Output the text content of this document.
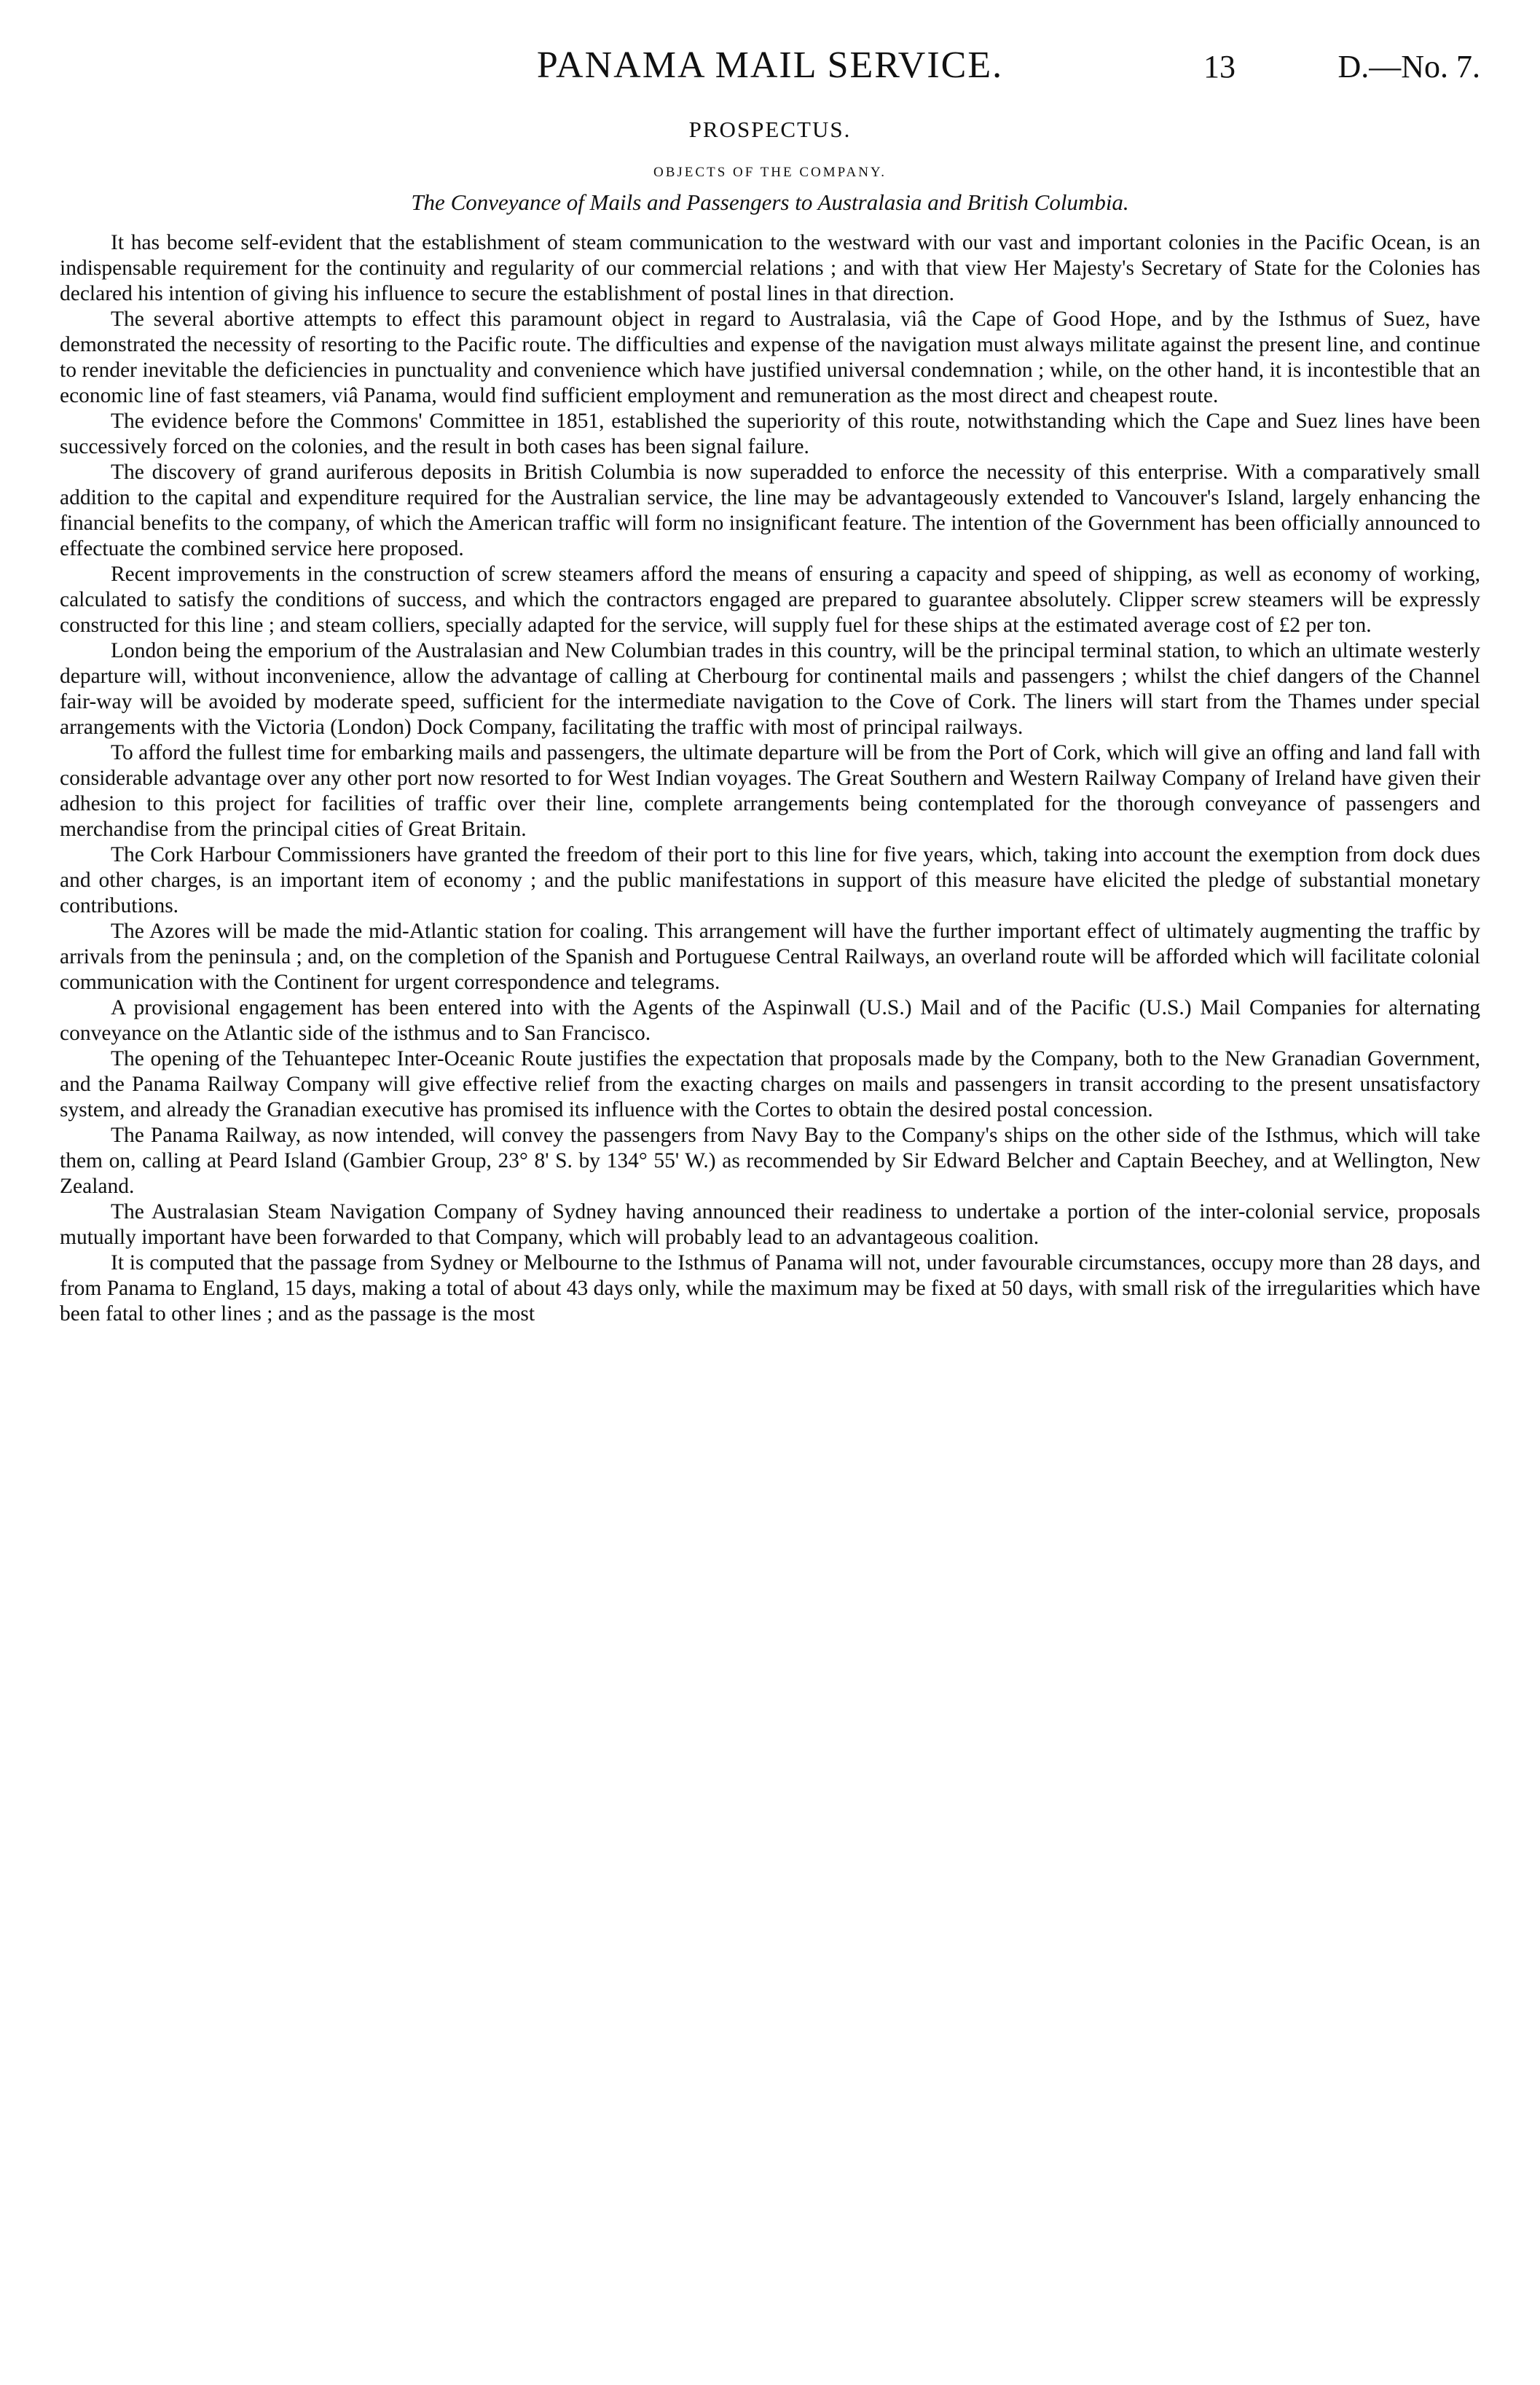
PANAMA MAIL SERVICE.	13	D.—No. 7.
PROSPECTUS.
OBJECTS OF THE COMPANY.
The Conveyance of Mails and Passengers to Australasia and British Columbia.

It has become self-evident that the establishment of steam communication to the westward with our vast and important colonies in the Pacific Ocean, is an indispensable requirement for the continuity and regularity of our commercial relations ; and with that view Her Majesty's Secretary of State for the Colonies has declared his intention of giving his influence to secure the establishment of postal lines in that direction.

The several abortive attempts to effect this paramount object in regard to Australasia, viâ the Cape of Good Hope, and by the Isthmus of Suez, have demonstrated the necessity of resorting to the Pacific route. The difficulties and expense of the navigation must always militate against the present line, and continue to render inevitable the deficiencies in punctuality and convenience which have justified universal condemnation ; while, on the other hand, it is incontestible that an economic line of fast steamers, viâ Panama, would find sufficient employment and remuneration as the most direct and cheapest route.

The evidence before the Commons' Committee in 1851, established the superiority of this route, notwithstanding which the Cape and Suez lines have been successively forced on the colonies, and the result in both cases has been signal failure.

The discovery of grand auriferous deposits in British Columbia is now superadded to enforce the necessity of this enterprise. With a comparatively small addition to the capital and expenditure required for the Australian service, the line may be advantageously extended to Vancouver's Island, largely enhancing the financial benefits to the company, of which the American traffic will form no insignificant feature. The intention of the Government has been officially announced to effectuate the combined service here proposed.

Recent improvements in the construction of screw steamers afford the means of ensuring a capacity and speed of shipping, as well as economy of working, calculated to satisfy the conditions of success, and which the contractors engaged are prepared to guarantee absolutely. Clipper screw steamers will be expressly constructed for this line ; and steam colliers, specially adapted for the service, will supply fuel for these ships at the estimated average cost of £2 per ton.

London being the emporium of the Australasian and New Columbian trades in this country, will be the principal terminal station, to which an ultimate westerly departure will, without inconvenience, allow the advantage of calling at Cherbourg for continental mails and passengers ; whilst the chief dangers of the Channel fair-way will be avoided by moderate speed, sufficient for the intermediate navigation to the Cove of Cork. The liners will start from the Thames under special arrangements with the Victoria (London) Dock Company, facilitating the traffic with most of principal railways.

To afford the fullest time for embarking mails and passengers, the ultimate departure will be from the Port of Cork, which will give an offing and land fall with considerable advantage over any other port now resorted to for West Indian voyages. The Great Southern and Western Railway Company of Ireland have given their adhesion to this project for facilities of traffic over their line, complete arrangements being contemplated for the thorough conveyance of passengers and merchandise from the principal cities of Great Britain.

The Cork Harbour Commissioners have granted the freedom of their port to this line for five years, which, taking into account the exemption from dock dues and other charges, is an important item of economy ; and the public manifestations in support of this measure have elicited the pledge of substantial monetary contributions.

The Azores will be made the mid-Atlantic station for coaling. This arrangement will have the further important effect of ultimately augmenting the traffic by arrivals from the peninsula ; and, on the completion of the Spanish and Portuguese Central Railways, an overland route will be afforded which will facilitate colonial communication with the Continent for urgent correspondence and telegrams.

A provisional engagement has been entered into with the Agents of the Aspinwall (U.S.) Mail and of the Pacific (U.S.) Mail Companies for alternating conveyance on the Atlantic side of the isthmus and to San Francisco.

The opening of the Tehuantepec Inter-Oceanic Route justifies the expectation that proposals made by the Company, both to the New Granadian Government, and the Panama Railway Company will give effective relief from the exacting charges on mails and passengers in transit according to the present unsatisfactory system, and already the Granadian executive has promised its influence with the Cortes to obtain the desired postal concession.

The Panama Railway, as now intended, will convey the passengers from Navy Bay to the Company's ships on the other side of the Isthmus, which will take them on, calling at Peard Island (Gambier Group, 23° 8' S. by 134° 55' W.) as recommended by Sir Edward Belcher and Captain Beechey, and at Wellington, New Zealand.

The Australasian Steam Navigation Company of Sydney having announced their readiness to undertake a portion of the inter-colonial service, proposals mutually important have been forwarded to that Company, which will probably lead to an advantageous coalition.

It is computed that the passage from Sydney or Melbourne to the Isthmus of Panama will not, under favourable circumstances, occupy more than 28 days, and from Panama to England, 15 days, making a total of about 43 days only, while the maximum may be fixed at 50 days, with small risk of the irregularities which have been fatal to other lines ; and as the passage is the most
